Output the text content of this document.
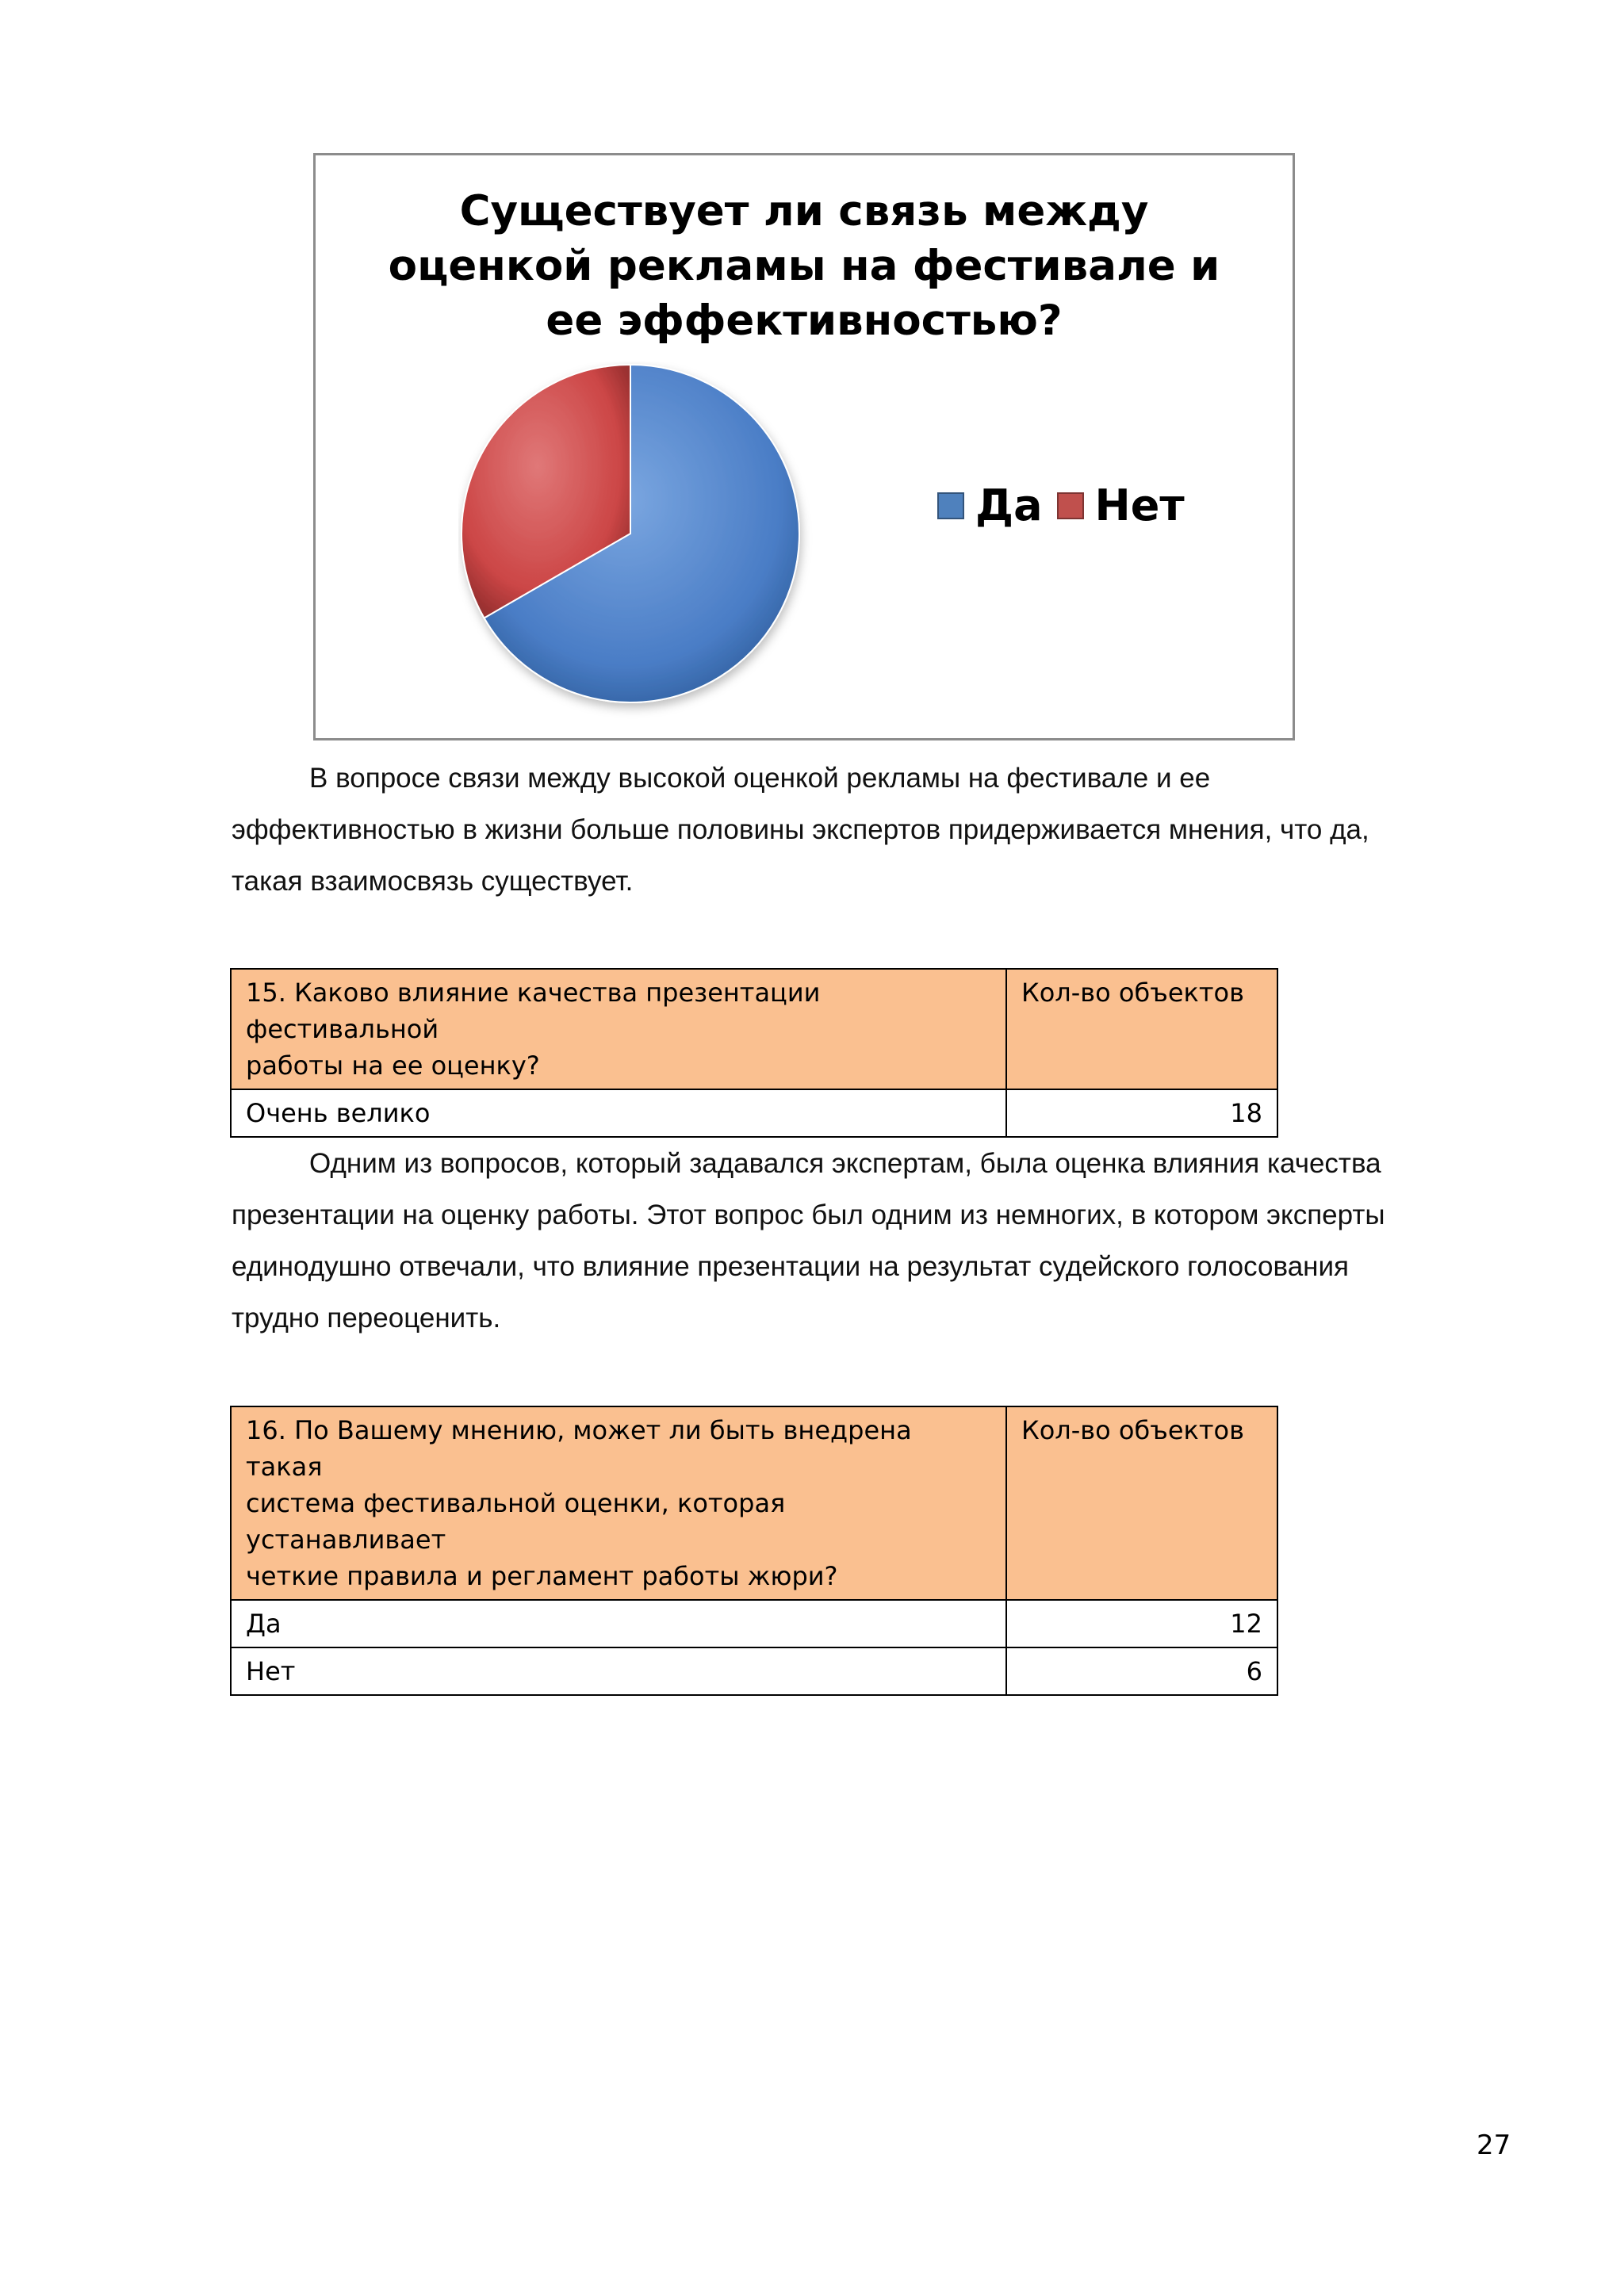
Существует ли связь между
оценкой рекламы на фестивале и
ее эффективностью?
Да Нет
В вопросе связи между высокой оценкой рекламы на фестивале и ее
эффективностью в жизни больше половины экспертов придерживается мнения, что да,
такая взаимосвязь существует.
15. Каково влияние качества презентации фестивальной
работы на ее оценку?	Кол-во объектов
Очень велико	18
Одним из вопросов, который задавался экспертам, была оценка влияния качества
презентации на оценку работы. Этот вопрос был одним из немногих, в котором эксперты
единодушно отвечали, что влияние презентации на результат судейского голосования
трудно переоценить.
16. По Вашему мнению, может ли быть внедрена такая
система фестивальной оценки, которая устанавливает
четкие правила и регламент работы жюри?	Кол-во объектов
Да	12
Нет	6
27
